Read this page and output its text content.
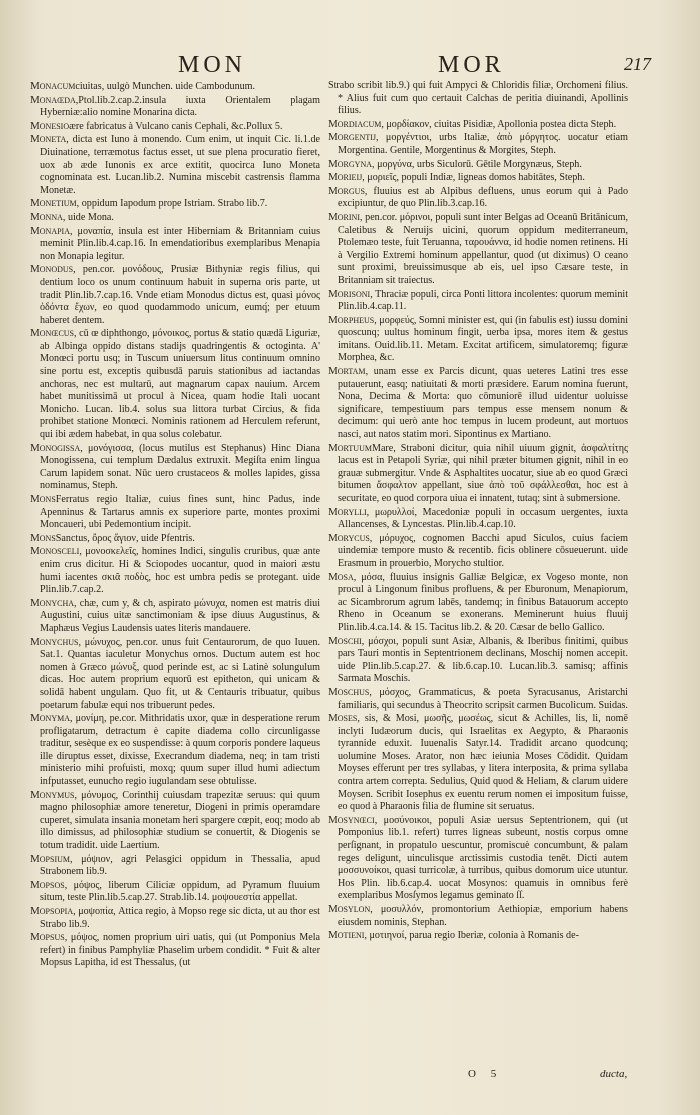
MON	MOR	217

Monacumciuitas, uulgò Munchen. uide Cambodunum.

Monaœda,Ptol.lib.2.cap.2.insula iuxta Orientalem plagam Hyberniæ:alio nomine Monarina dicta.

Monesioære fabricatus à Vulcano canis Cephali, &c.Pollux 5.

Moneta, dicta est Iuno à monendo. Cum enim, ut inquit Cic. li.1.de Diuinatione, terræmotus factus esset, ut sue plena procuratio fieret, uox ab æde Iunonis ex arce extitit, quocirca Iuno Moneta cognominata est. Lucan.lib.2. Numina miscebit castrensis flamma Monetæ.

Monetium, oppidum Iapodum prope Istriam. Strabo lib.7.

Monna, uide Mona.

Monapia, μοναπία, insula est inter Hiberniam & Britanniam cuius meminit Plin.lib.4.cap.16. In emendatioribus exemplaribus Menapia non Monapia legitur.

Monodus, pen.cor. μονόδους, Prusiæ Bithyniæ regis filius, qui dentium loco os unum continuum habuit in superna oris parte, ut tradit Plin.lib.7.cap.16. Vnde etiam Monodus dictus est, quasi μόνος ὀδόντα ἔχων, eo quod quodammodo unicum, eumq́; per etuum haberet dentem.

Monœcus, cū œ diphthongo, μόνοικος, portus & statio quædā Liguriæ, ab Albinga oppido distans stadijs quadringentis & octoginta. A' Monœci portu usq; in Tuscum uniuersum litus continuum omnino sine portu est, exceptis quibusdā paruis stationibus ad iactandas anchoras, nec est multarū, aut magnarum capax nauium. Arcem habet munitissimā ut procul à Nicea, quam hodie Itali uocant Monicho. Lucan. lib.4. solus sua littora turbat Circius, & fida prohibet statione Monœci. Nominis rationem ad Herculem referunt, qui ibi ædem habebat, in qua solus colebatur.

Monogissa, μονόγισσα, (locus mutilus est Stephanus) Hinc Diana Monogissena, cui templum Dædalus extruxit. Megiſta enim lingua Carum lapidem sonat. Nūc uero crustaceos & molles lapides, gissa nominamus, Steph.

MonsFerratus regio Italiæ, cuius fines sunt, hinc Padus, inde Apenninus & Tartarus amnis ex superiore parte, montes proximi Moncaueri, ubi Pedemontium incipit.

MonsSanctus, ὄρος ἅγιον, uide Pfentris.

Monosceli, μονοσκελεῖς, homines Indici, singulis cruribus, quæ ante enim crus dicitur. Hi & Sciopodes uocantur, quod in maiori æstu humi iacentes σκιᾶ ποδὸς, hoc est umbra pedis se protegant. uide Plin.lib.7.cap.2.

Monycha, chæ, cum y, & ch, aspirato μώνυχα, nomen est matris diui Augustini, cuius uitæ sanctimoniam & ipse diuus Augustinus, & Maphæus Vegius Laudensis uates literis mandauere.

Monychus, μώνυχος, pen.cor. unus fuit Centaurorum, de quo Iuuen. Sat.1. Quantas iaculetur Monychus ornos. Ductum autem est hoc nomen à Græco μώνυξ, quod perinde est, ac si Latinè solungulum dicas. Hoc autem proprium equorū est epitheton, qui unicam & solidā habent ungulam. Quo fit, ut & Centauris tribuatur, quibus poetarum fabulæ equi nos tribuerunt pedes.

Monyma, μονίμη, pe.cor. Mithridatis uxor, quæ in desperatione rerum profligatarum, detractum è capite diadema collo circunligasse traditur, sesèque ex eo suspendisse: à quum corporis pondere laqueus ille diruptus esset, dixisse, Execrandum diadema, neq; in tam tristi ministerio mihi profuisti, moxq; quum super illud humi adiectum infputasset, eunucho regio iugulandam sese obtulisse.

Monymus, μόνυμος, Corinthij cuiusdam trapezitæ seruus: qui quum magno philosophiæ amore teneretur, Diogeni in primis operamdare cuperet, simulata insania monetam heri spargere cœpit, eoq; modo ab illo dimissus, ad philosophiæ studium se conuertit, & Diogenis se totum tradidit. uide Laertium.

Mopsium, μόψιον, agri Pelasgici oppidum in Thessalia, apud Strabonem lib.9.

Mopsos, μόψος, liberum Ciliciæ oppidum, ad Pyramum fluuium situm, teste Plin.lib.5.cap.27. Strab.lib.14. μοψουεστία appellat.

Mopsopia, μοψοπία, Attica regio, à Mopso rege sic dicta, ut au thor est Strabo lib.9.

Mopsus, μόψος, nomen proprium uiri uatis, qui (ut Pomponius Mela refert) in finibus Pamphyliæ Phaselim urbem condidit. * Fuit & alter Mopsus Lapitha, id est Thessalus, (ut

Strabo scribit lib.9.) qui fuit Ampyci & Chloridis filiæ, Orchomeni filius. * Alius fuit cum quo certauit Calchas de peritia diuinandi, Apollinis filius.

Mordiacum, μορδίακον, ciuitas Pisidiæ, Apollonia postea dicta Steph.

Morgentij, μοργέντιοι, urbs Italiæ, ἀπὸ μόργητος. uocatur etiam Morgentina. Gentile, Morgentinus & Morgites, Steph.

Morgyna, μοργύνα, urbs Siculorū. Gētile Morgynæus, Steph.

Morieij, μοριεῖς, populi Indiæ, ligneas domos habitātes, Steph.

Morgus, fluuius est ab Alpibus defluens, unus eorum qui à Pado excipiuntur, de quo Plin.lib.3.cap.16.

Morini, pen.cor. μόρινοι, populi sunt inter Belgas ad Oceanū Britānicum, Caletibus & Neruijs uicini, quorum oppidum mediterraneum, Ptolemæo teste, fuit Teruanna, ταρουάννα, id hodie nomen retinens. Hi à Vergilio Extremi hominum appellantur, quod (ut diximus) O ceano sunt proximi, breuissimusque ab eis, uel ipso Cæsare teste, in Britanniam sit traiectus.

Morisoni, Thraciæ populi, circa Ponti littora incolentes: quorum meminit Plin.lib.4.cap.11.

Morpheus, μορφεύς, Somni minister est, qui (in fabulis est) iussu domini quoscunq; uultus hominum fingit, uerba ipsa, mores item & gestus imitans. Ouid.lib.11. Metam. Excitat artificem, simulatoremq; figuræ Morphea, &c.

Mortam, unam esse ex Parcis dicunt, quas ueteres Latini tres esse putauerunt, easq; natiuitati & morti præsidere. Earum nomina fuerunt, Nona, Decima & Morta: quo cōmuniorē illud uidentur uoluisse significare, tempestiuum pars tempus esse mensem nonum & decimum: qui uerò ante hoc tempus in lucem prodeunt, aut mortuos nasci, aut natos statim mori. Sipontinus ex Martiano.

MortuumMare, Straboni dicitur, quia nihil uiuum gignit, ἀσφαλτίτης lacus est in Petapoli Syriæ, qui nihil præter bitumen gignit, nihil in eo grauæ submergitur. Vnde & Asphaltites uocatur, siue ab eo quod Græci bitumen ἄσφαλτον appellant, siue ἀπὸ τοῦ σφάλλεσθαι, hoc est à securitate, eo quod corpora uiua ei innatent, tutaq; sint à submersione.

Morylli, μωρυλλοί, Macedoniæ populi in occasum uergentes, iuxta Allancenses, & Lyncestas. Plin.lib.4.cap.10.

Morycus, μόρυχος, cognomen Bacchi apud Siculos, cuius faciem uindemiæ tempore musto & recentib. ficis oblinere cōsueuerunt. uide Erasmum in prouerbio, Morycho stultior.

Mosa, μόσα, fluuius insignis Galliæ Belgicæ, ex Vogeso monte, non procul à Lingonum finibus profluens, & per Eburonum, Menapiorum, ac Sicambrorum agrum labēs, tandemq; in finibus Batauorum accepto Rheno in Oceanum se exonerans. Meminerunt huius fluuij Plin.lib.4.ca.14. & 15. Tacitus lib.2. & 20. Cæsar de bello Gallico.

Moschi, μόσχοι, populi sunt Asiæ, Albanis, & Iberibus finitimi, quibus pars Tauri montis in Septentrionem declinans, Moschij nomen accepit. uide Plin.lib.5.cap.27. & lib.6.cap.10. Lucan.lib.3. samisq; affinis Sarmata Moschis.

Moschus, μόσχος, Grammaticus, & poeta Syracusanus, Aristarchi familiaris, qui secundus à Theocrito scripsit carmen Bucolicum. Suidas.

Moses, sis, & Mosi, μωσῆς, μωσέως, sicut & Achilles, lis, li, nomē inclyti Iudæorum ducis, qui Israelitas ex Aegypto, & Pharaonis tyrannide eduxit. Iuuenalis Satyr.14. Tradidit arcano quodcunq; uolumine Moses. Arator, non hæc ieiunia Moses Cōdidit. Quidam Moyses efferunt per tres syllabas, y litera interposita, & prima syllaba contra artem correpta. Sedulius, Quid quod & Heliam, & clarum uidere Moysen. Scribit Iosephus ex euentu rerum nomen ei impositum fuisse, eo quod à Pharaonis filia de flumine sit seruatus.

Mosynœci, μοσύνοικοι, populi Asiæ uersus Septentrionem, qui (ut Pomponius lib.1. refert) turres ligneas subeunt, nostis corpus omne perſignant, in propatulo uescuntur, promiscuè concumbunt, & palam reges deligunt, uinculisque arctissimis custodia tenēt. Dicti autem μοσσυνοίκοι, quasi turricolæ, à turribus, quibus domorum uice utuntur. Hos Plin. lib.6.cap.4. uocat Mosynos: quamuis in omnibus ferè exemplaribus Mosſymos legamus geminato ſſ.

Mosylon, μοσυλλόν, promontorium Aethiopiæ, emporium habens eiusdem nominis, Stephan.

Motieni, μοτιηνοί, parua regio Iberiæ, colonia à Romanis de-

O 5	ducta,
